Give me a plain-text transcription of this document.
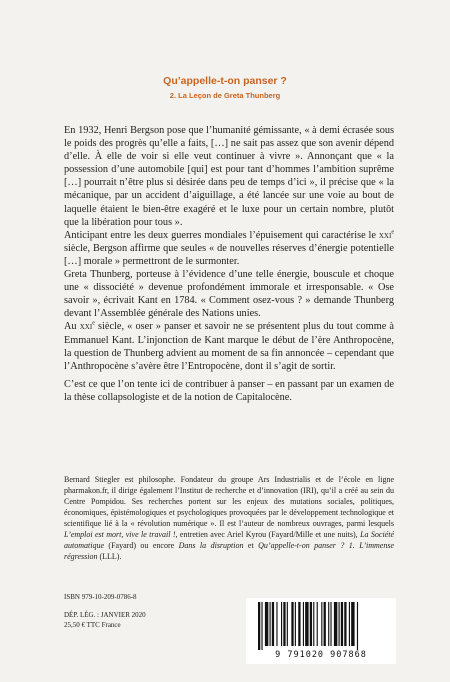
Qu’appelle-t-on panser ?
2. La Leçon de Greta Thunberg

En 1932, Henri Bergson pose que l’humanité gémissante, « à demi écrasée sous le poids des progrès qu’elle a faits, […] ne sait pas assez que son avenir dépend d’elle. À elle de voir si elle veut continuer à vivre ». Annonçant que « la possession d’une automobile [qui] est pour tant d’hommes l’ambition suprême […] pourrait n’être plus si désirée dans peu de temps d’ici », il précise que « la mécanique, par un accident d’aiguillage, a été lancée sur une voie au bout de laquelle étaient le bien-être exagéré et le luxe pour un certain nombre, plutôt que la libération pour tous ».

Anticipant entre les deux guerres mondiales l’épuisement qui caractérise le xxi$^e$ siècle, Bergson affirme que seules « de nouvelles réserves d’énergie potentielle […] morale » permettront de le surmonter.

Greta Thunberg, porteuse à l’évidence d’une telle énergie, bouscule et choque une « dissociété » devenue profondément immorale et irresponsable. « Ose savoir », écrivait Kant en 1784. « Comment osez-vous ? » demande Thunberg devant l’Assemblée générale des Nations unies.

Au xxi$^e$ siècle, « oser » panser et savoir ne se présentent plus du tout comme à Emmanuel Kant. L’injonction de Kant marque le début de l’ère Anthropocène, la question de Thunberg advient au moment de sa fin annoncée – cependant que l’Anthropocène s’avère être l’Entropocène, dont il s’agit de sortir.

C’est ce que l’on tente ici de contribuer à panser – en passant par un examen de la thèse collapsologiste et de la notion de Capitalocène.

Bernard Stiegler est philosophe. Fondateur du groupe Ars Industrialis et de l’école en ligne pharmakon.fr, il dirige également l’Institut de recherche et d’innovation (IRI), qu’il a créé au sein du Centre Pompidou. Ses recherches portent sur les enjeux des mutations sociales, politiques, économiques, épistémologiques et psychologiques provoquées par le développement technologique et scientifique lié à la « révolution numérique ». Il est l’auteur de nombreux ouvrages, parmi lesquels L’emploi est mort, vive le travail !, entretien avec Ariel Kyrou (Fayard/Mille et une nuits), La Société automatique (Fayard) ou encore Dans la disruption et Qu’appelle-t-on panser ? 1. L’immense régression (LLL).
ISBN 979-10-209-0786-8
DÉP. LÉG. : JANVIER 2020
25,50 € TTC France
9 791020 907868
